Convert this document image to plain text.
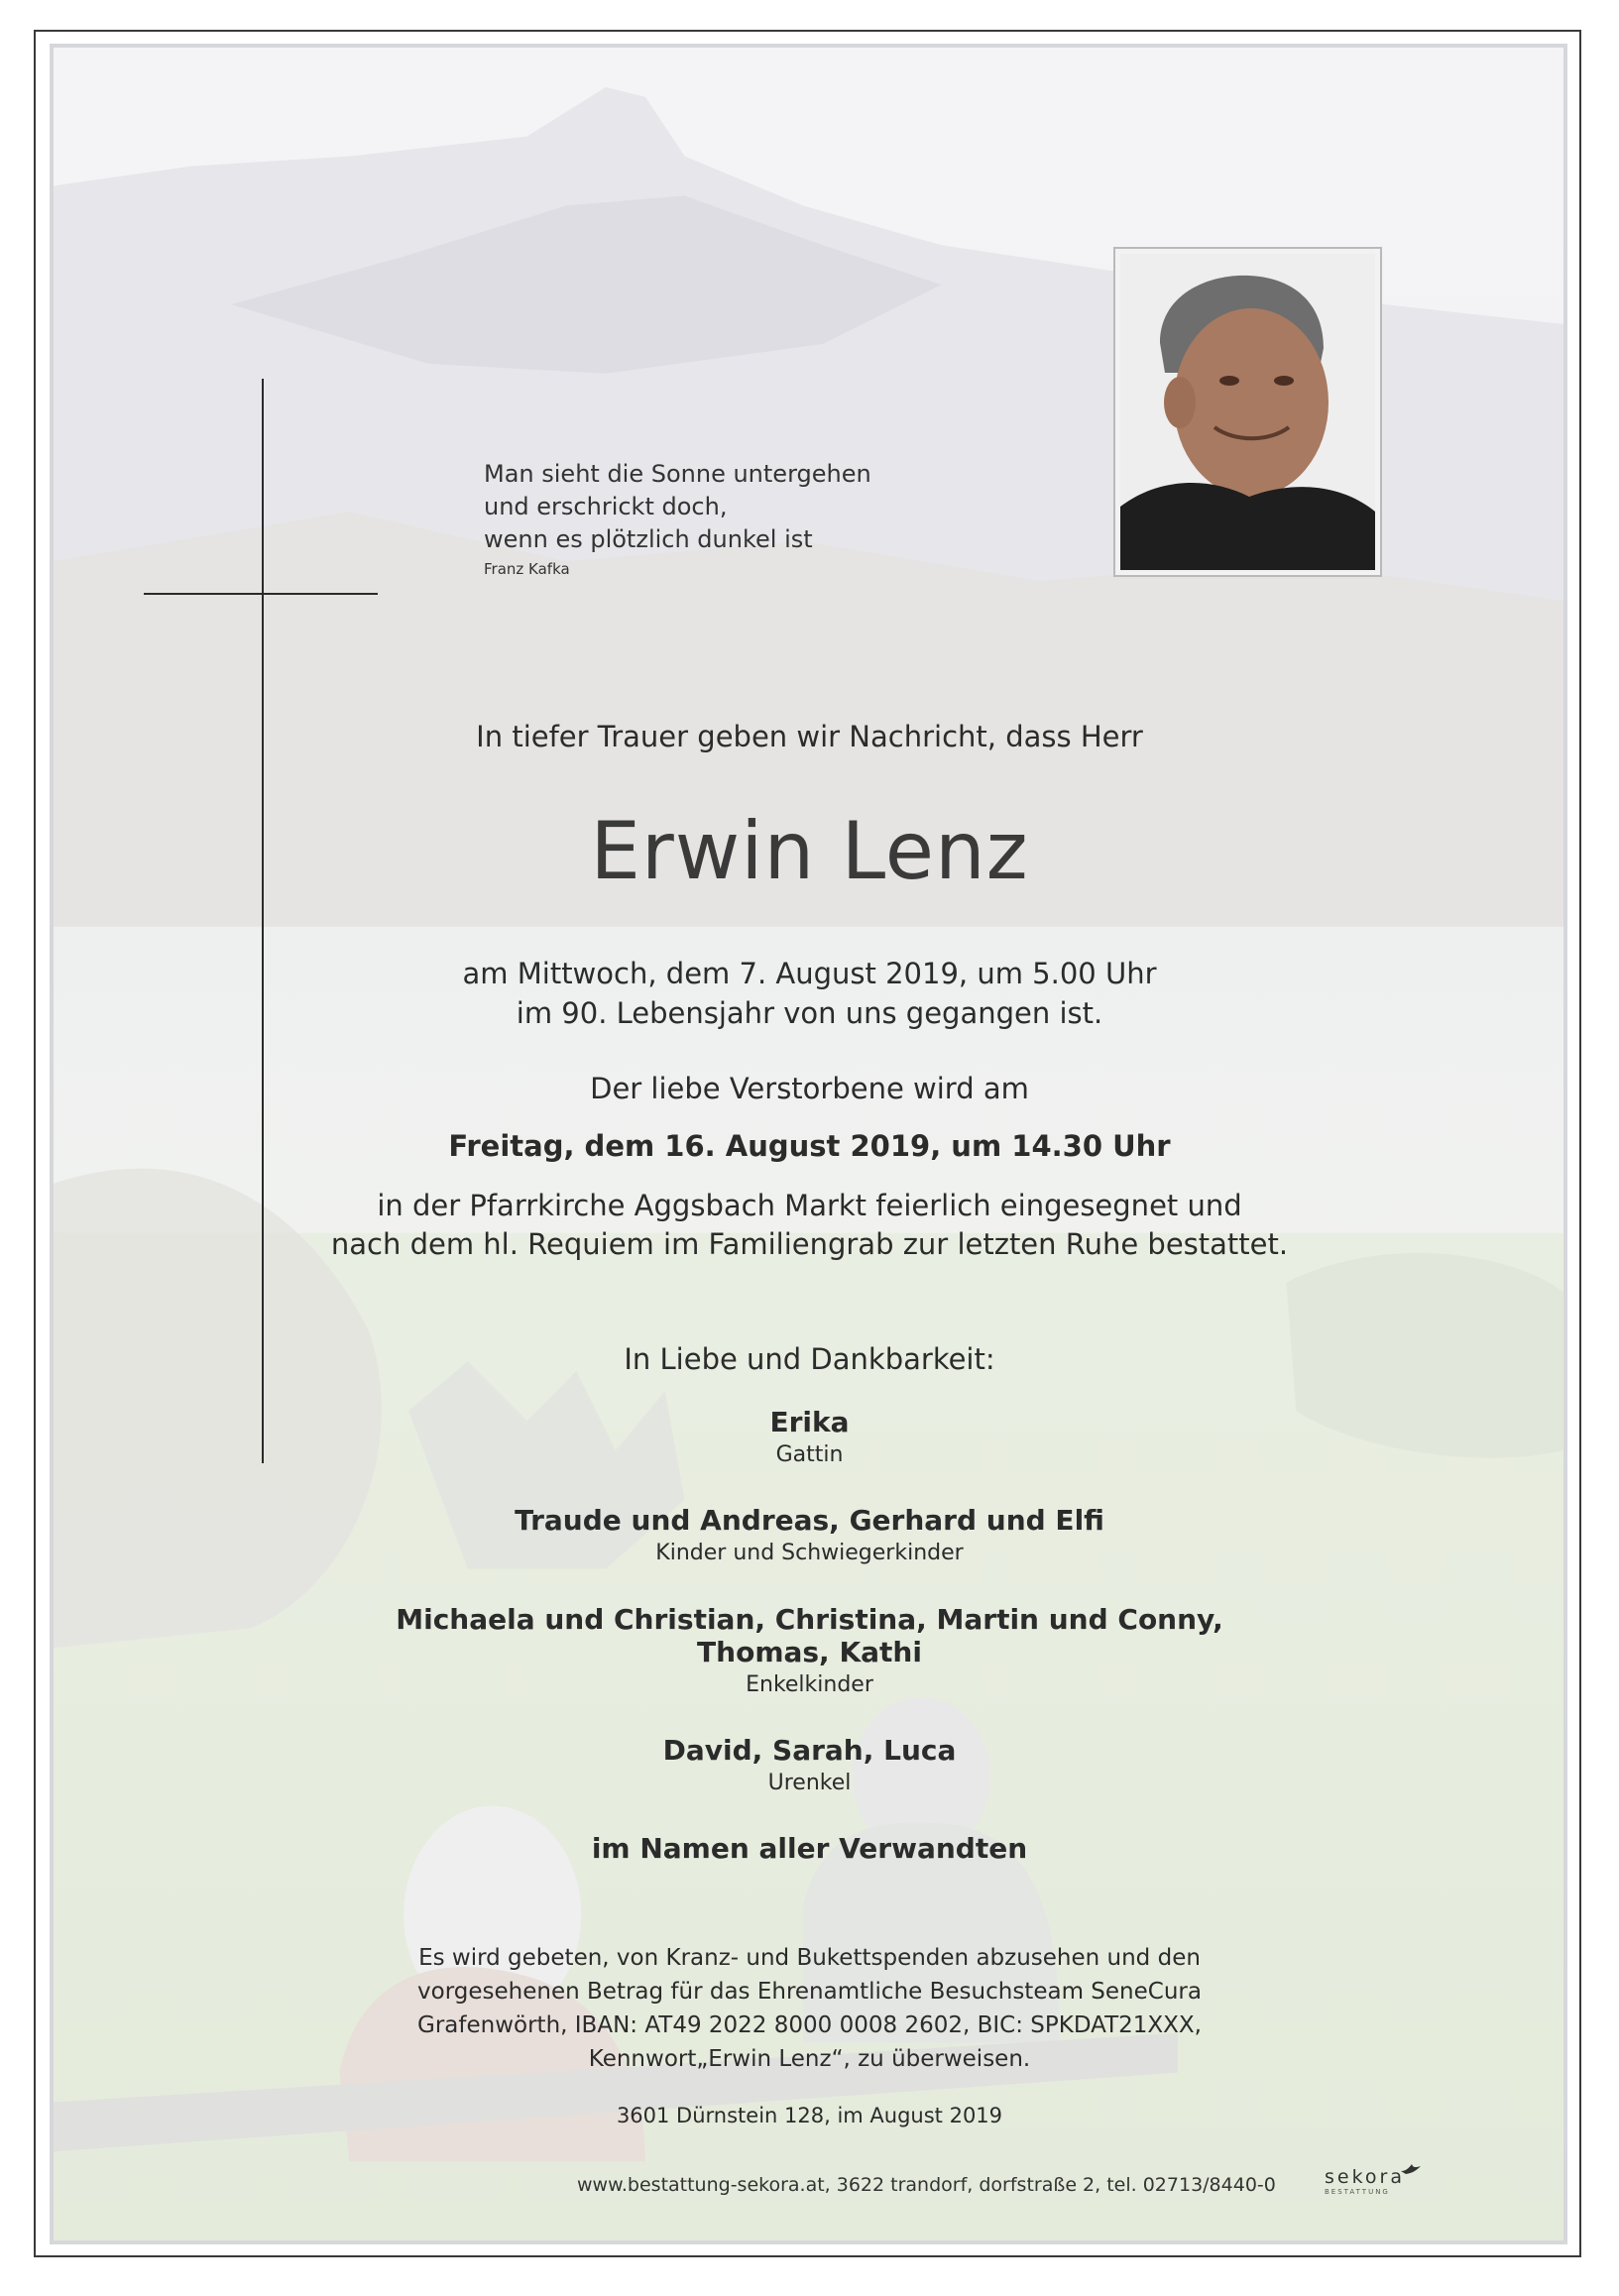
Man sieht die Sonne untergehen
und erschrickt doch,
wenn es plötzlich dunkel ist
Franz Kafka
In tiefer Trauer geben wir Nachricht, dass Herr
Erwin Lenz
am Mittwoch, dem 7. August 2019, um 5.00 Uhr
im 90. Lebensjahr von uns gegangen ist.
Der liebe Verstorbene wird am
Freitag, dem 16. August 2019, um 14.30 Uhr
in der Pfarrkirche Aggsbach Markt feierlich eingesegnet und
nach dem hl. Requiem im Familiengrab zur letzten Ruhe bestattet.
In Liebe und Dankbarkeit:
Erika
Gattin
Traude und Andreas, Gerhard und Elfi
Kinder und Schwiegerkinder
Michaela und Christian, Christina, Martin und Conny,
Thomas, Kathi
Enkelkinder
David, Sarah, Luca
Urenkel
im Namen aller Verwandten
Es wird gebeten, von Kranz- und Bukettspenden abzusehen und den
vorgesehenen Betrag für das Ehrenamtliche Besuchsteam SeneCura
Grafenwörth, IBAN: AT49 2022 8000 0008 2602, BIC: SPKDAT21XXX,
Kennwort„Erwin Lenz“, zu überweisen.
3601 Dürnstein 128, im August 2019
www.bestattung-sekora.at, 3622 trandorf, dorfstraße 2, tel. 02713/8440-0	sekora
BESTATTUNG
